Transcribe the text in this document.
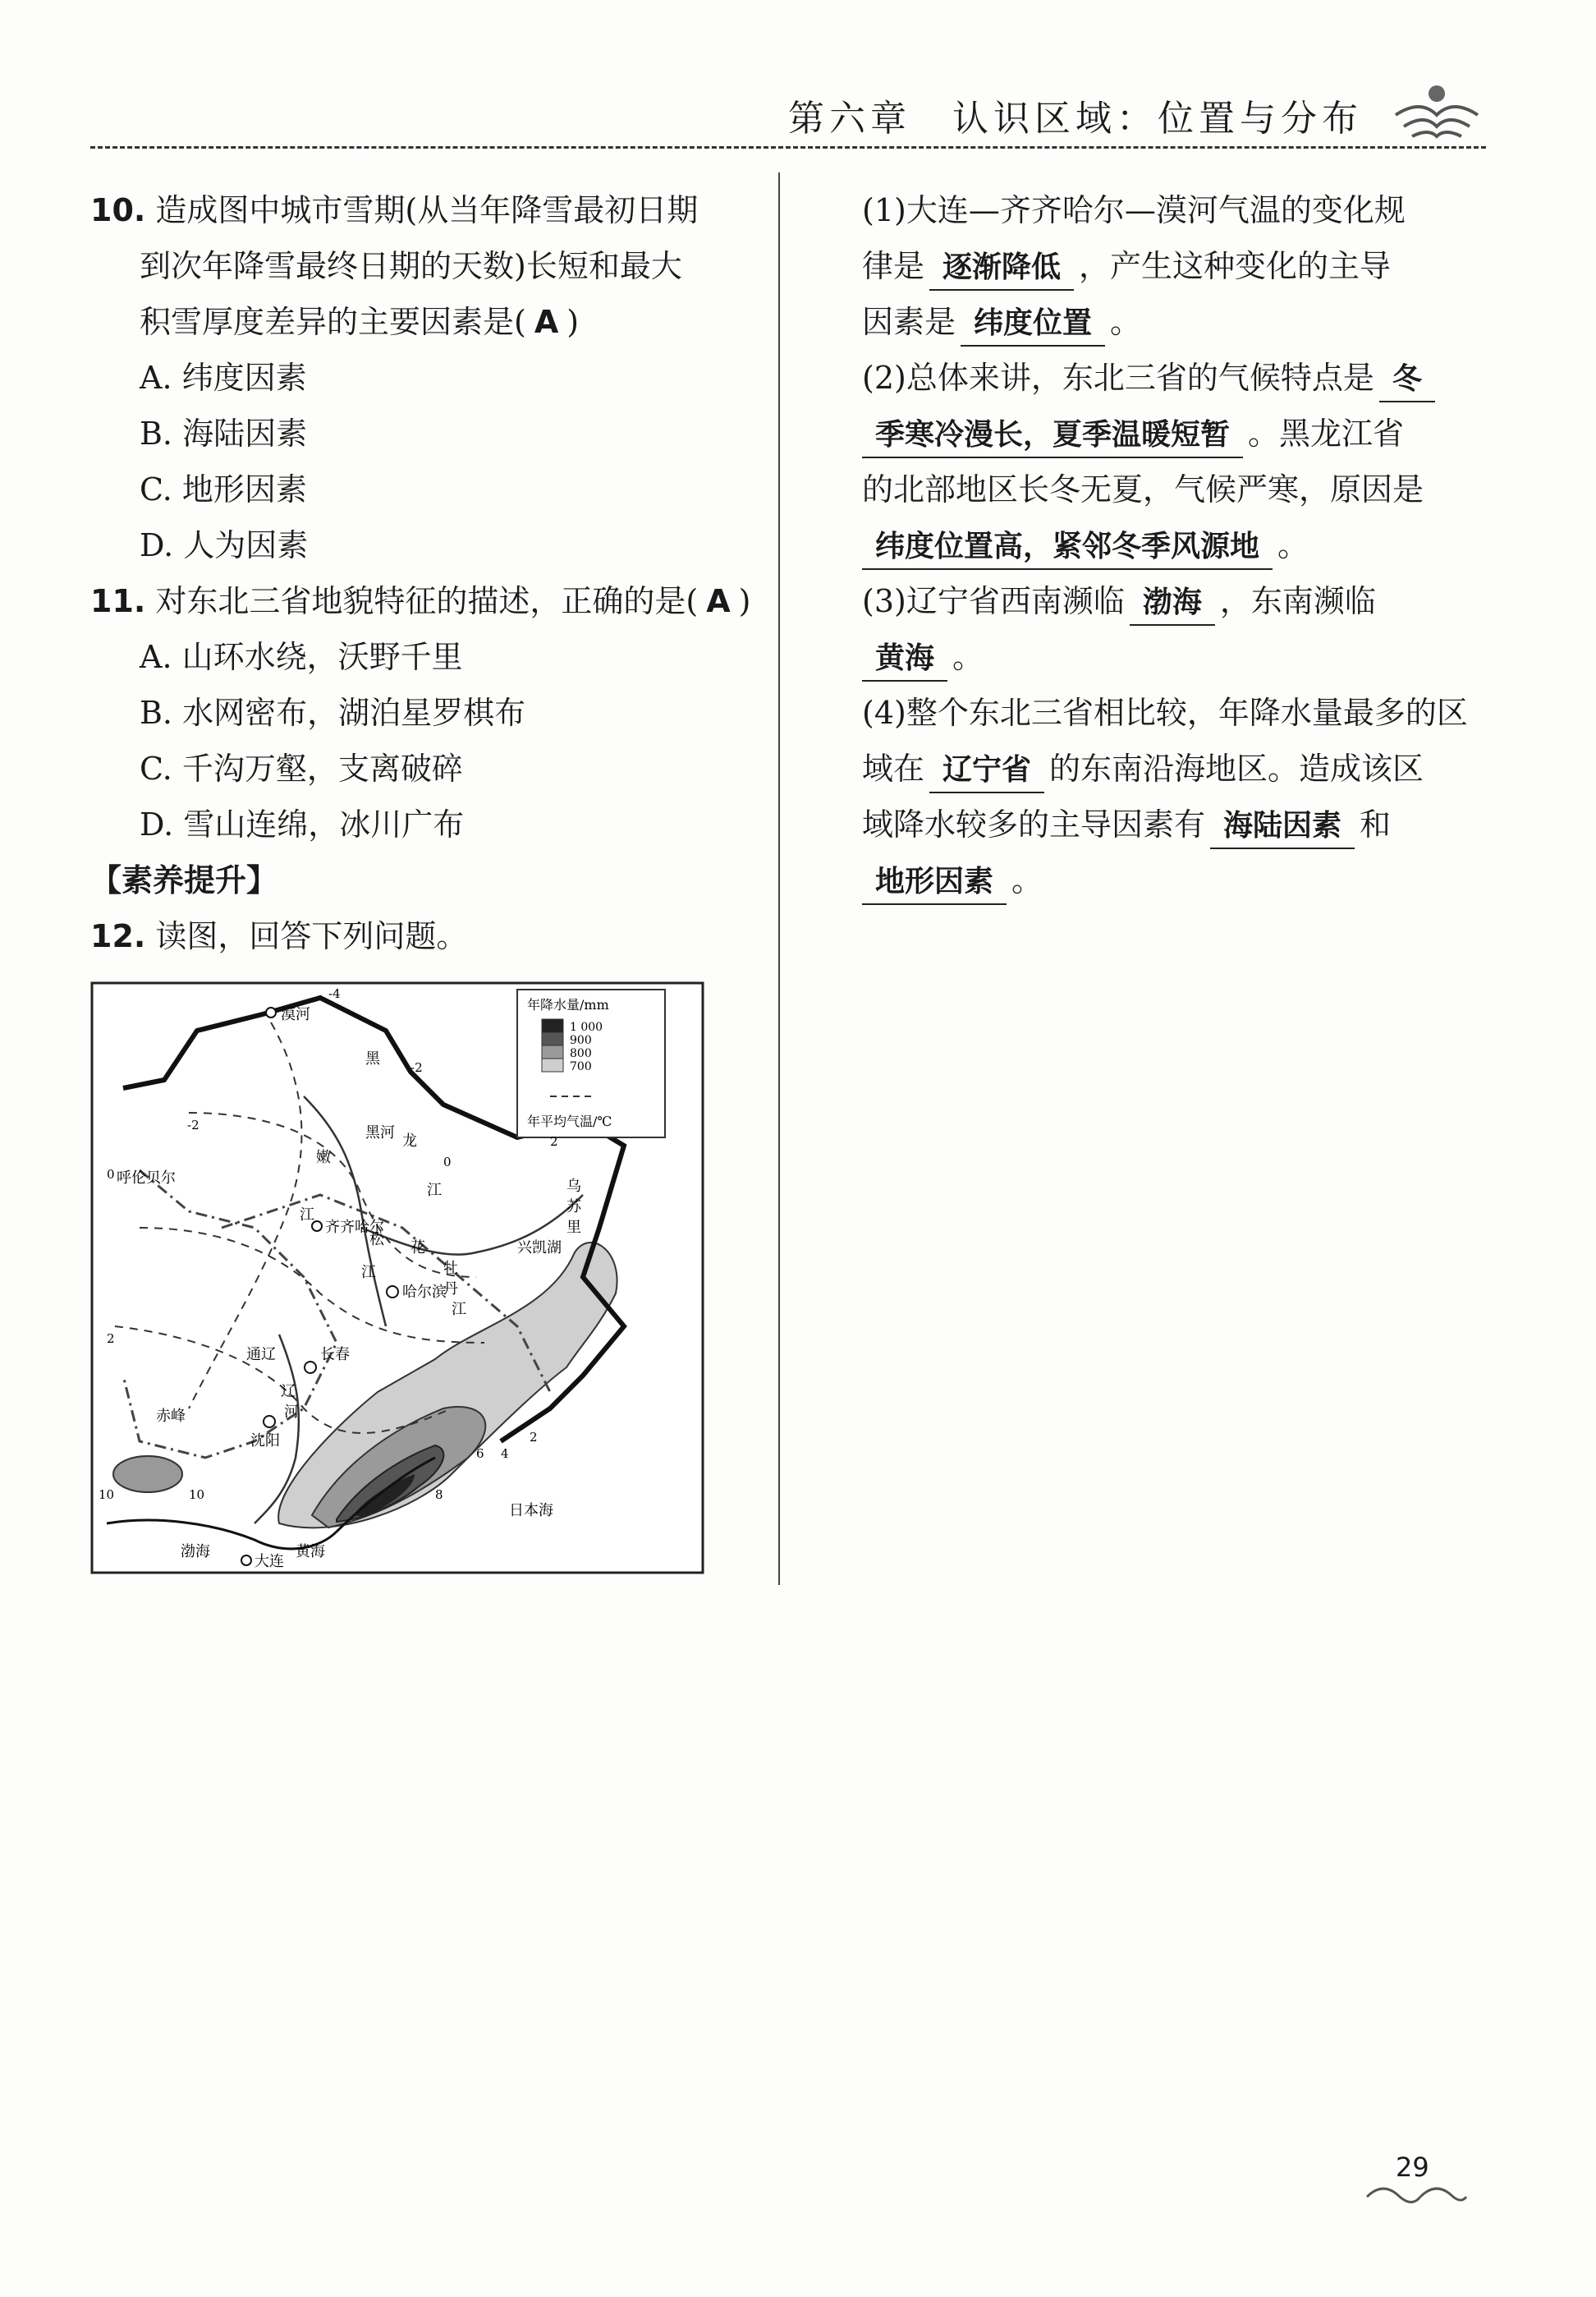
第六章　认识区域：位置与分布
10. 造成图中城市雪期(从当年降雪最初日期
到次年降雪最终日期的天数)长短和最大
积雪厚度差异的主要因素是( A )
A. 纬度因素
B. 海陆因素
C. 地形因素
D. 人为因素
11. 对东北三省地貌特征的描述，正确的是( A )
A. 山环水绕，沃野千里
B. 水网密布，湖泊星罗棋布
C. 千沟万壑，支离破碎
D. 雪山连绵，冰川广布
【素养提升】
12. 读图，回答下列问题。
年降水量/mm
1 000
900
800
700
年平均气温/℃
漠河
黑河
呼伦贝尔
齐齐哈尔
哈尔滨
通辽	长春
赤峰
沈阳
大连
渤海	黄海
日本海
黑
龙
江
嫩
江
松 花
江	牡
丹
江
乌
苏
里
辽
河
兴凯湖
-4
-2
-2
0
0
2
2
2
4
6
8
10	10
(1)大连—齐齐哈尔—漠河气温的变化规
律是 逐渐降低 ，产生这种变化的主导
因素是 纬度位置 。
(2)总体来讲，东北三省的气候特点是 冬
季寒冷漫长，夏季温暖短暂 。黑龙江省
的北部地区长冬无夏，气候严寒，原因是
纬度位置高，紧邻冬季风源地 。
(3)辽宁省西南濒临 渤海 ，东南濒临
黄海 。
(4)整个东北三省相比较，年降水量最多的区
域在 辽宁省 的东南沿海地区。造成该区
域降水较多的主导因素有 海陆因素 和
地形因素 。
29
